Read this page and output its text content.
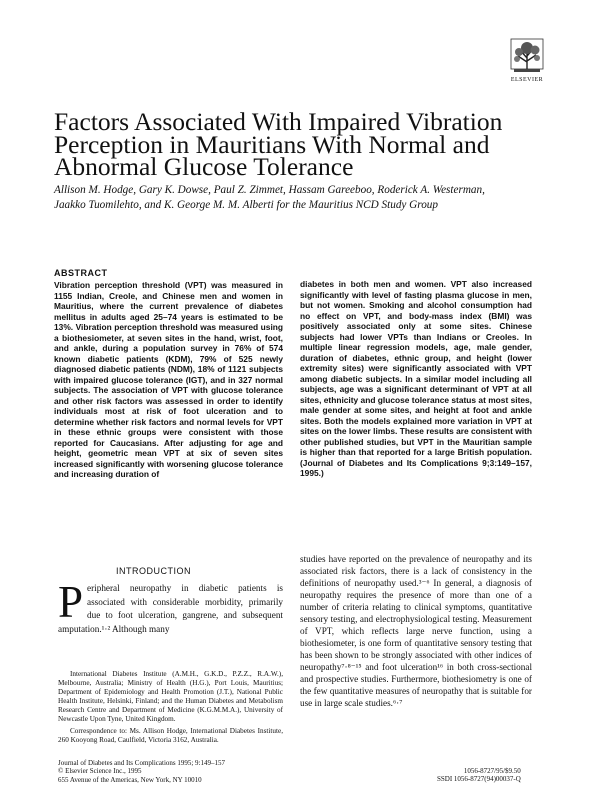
ELSEVIER
Factors Associated With Impaired Vibration
Perception in Mauritians With Normal and
Abnormal Glucose Tolerance
Allison M. Hodge, Gary K. Dowse, Paul Z. Zimmet, Hassam Gareeboo, Roderick A. Westerman,
Jaakko Tuomilehto, and K. George M. M. Alberti for the Mauritius NCD Study Group
ABSTRACT
Vibration perception threshold (VPT) was measured in 1155 Indian, Creole, and Chinese men and women in Mauritius, where the current prevalence of diabetes mellitus in adults aged 25–74 years is estimated to be 13%. Vibration perception threshold was measured using a biothesiometer, at seven sites in the hand, wrist, foot, and ankle, during a population survey in 76% of 574 known diabetic patients (KDM), 79% of 525 newly diagnosed diabetic patients (NDM), 18% of 1121 subjects with impaired glucose tolerance (IGT), and in 327 normal subjects. The association of VPT with glucose tolerance and other risk factors was assessed in order to identify individuals most at risk of foot ulceration and to determine whether risk factors and normal levels for VPT in these ethnic groups were consistent with those reported for Caucasians. After adjusting for age and height, geometric mean VPT at six of seven sites increased significantly with worsening glucose tolerance and increasing duration of
diabetes in both men and women. VPT also increased significantly with level of fasting plasma glucose in men, but not women. Smoking and alcohol consumption had no effect on VPT, and body-mass index (BMI) was positively associated only at some sites. Chinese subjects had lower VPTs than Indians or Creoles. In multiple linear regression models, age, male gender, duration of diabetes, ethnic group, and height (lower extremity sites) were significantly associated with VPT among diabetic subjects. In a similar model including all subjects, age was a significant determinant of VPT at all sites, ethnicity and glucose tolerance status at most sites, male gender at some sites, and height at foot and ankle sites. Both the models explained more variation in VPT at sites on the lower limbs. These results are consistent with other published studies, but VPT in the Mauritian sample is higher than that reported for a large British population. (Journal of Diabetes and Its Complications 9;3:149–157, 1995.)
INTRODUCTION
Peripheral neuropathy in diabetic patients is associated with considerable morbidity, primarily due to foot ulceration, gangrene, and subsequent amputation.¹·² Although many
studies have reported on the prevalence of neuropathy and its associated risk factors, there is a lack of consistency in the definitions of neuropathy used.³⁻⁶ In general, a diagnosis of neuropathy requires the presence of more than one of a number of criteria relating to clinical symptoms, quantitative sensory testing, and electrophysiological testing. Measurement of VPT, which reflects large nerve function, using a biothesiometer, is one form of quantitative sensory testing that has been shown to be strongly associated with other indices of neuropathy⁷·⁸⁻¹⁵ and foot ulceration¹⁶ in both cross-sectional and prospective studies. Furthermore, biothesiometry is one of the few quantitative measures of neuropathy that is suitable for use in large scale studies.⁶·⁷

International Diabetes Institute (A.M.H., G.K.D., P.Z.Z., R.A.W.), Melbourne, Australia; Ministry of Health (H.G.), Port Louis, Mauritius; Department of Epidemiology and Health Promotion (J.T.), National Public Health Institute, Helsinki, Finland; and the Human Diabetes and Metabolism Research Centre and Department of Medicine (K.G.M.M.A.), University of Newcastle Upon Tyne, United Kingdom.

Correspondence to: Ms. Allison Hodge, International Diabetes Institute, 260 Kooyong Road, Caulfield, Victoria 3162, Australia.

Journal of Diabetes and Its Complications 1995; 9:149–157
© Elsevier Science Inc., 1995
655 Avenue of the Americas, New York, NY 10010
1056-8727/95/$9.50
SSDI 1056-8727(94)00037-Q
